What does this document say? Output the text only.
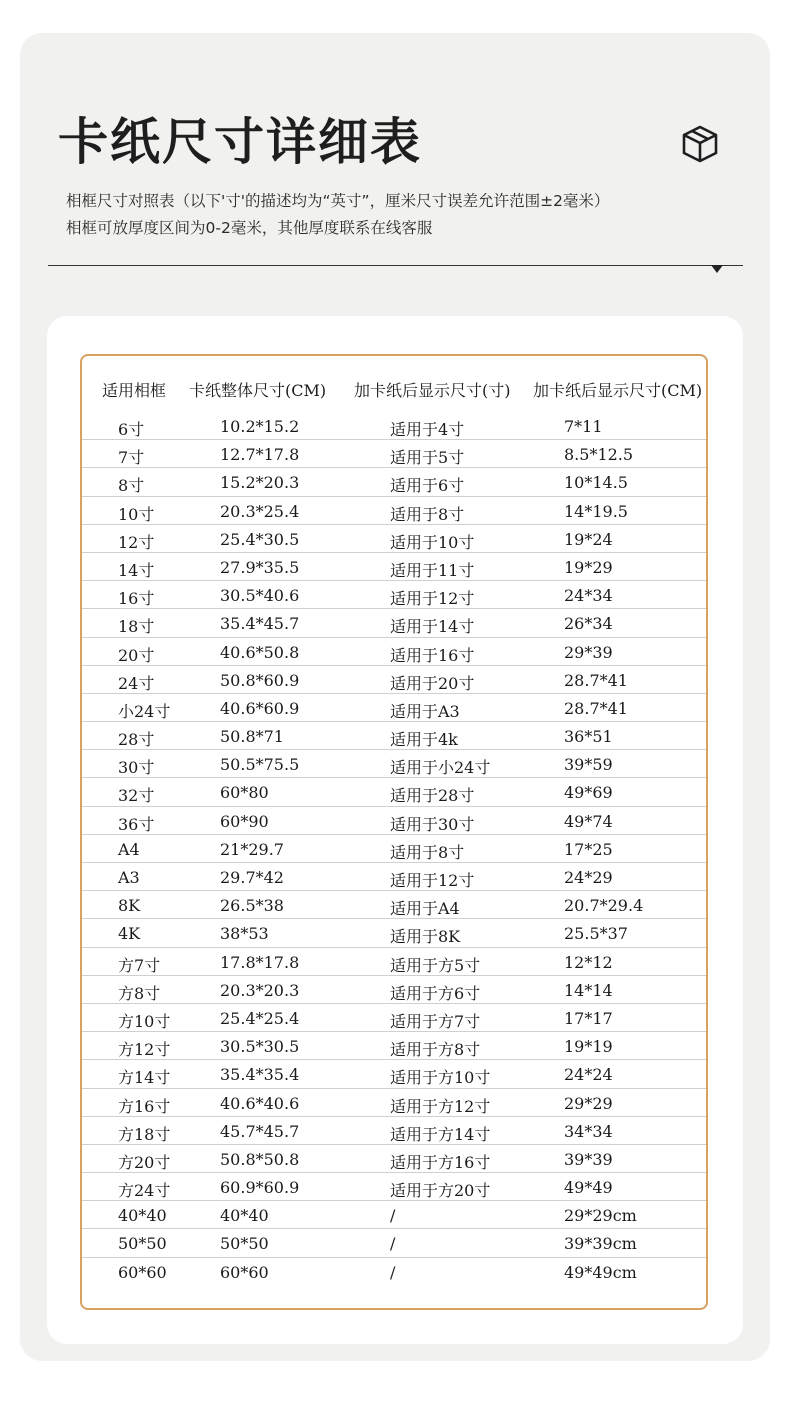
卡纸尺寸详细表
相框尺寸对照表（以下'寸'的描述均为“英寸”，厘米尺寸误差允许范围±2毫米）
相框可放厚度区间为0-2毫米，其他厚度联系在线客服
适用相框 卡纸整体尺寸(CM) 加卡纸后显示尺寸(寸) 加卡纸后显示尺寸(CM)
6寸	10.2*15.2	适用于4寸	7*11
7寸	12.7*17.8	适用于5寸	8.5*12.5
8寸	15.2*20.3	适用于6寸	10*14.5
10寸	20.3*25.4	适用于8寸	14*19.5
12寸	25.4*30.5	适用于10寸	19*24
14寸	27.9*35.5	适用于11寸	19*29
16寸	30.5*40.6	适用于12寸	24*34
18寸	35.4*45.7	适用于14寸	26*34
20寸	40.6*50.8	适用于16寸	29*39
24寸	50.8*60.9	适用于20寸	28.7*41
小24寸	40.6*60.9	适用于A3	28.7*41
28寸	50.8*71	适用于4k	36*51
30寸	50.5*75.5	适用于小24寸	39*59
32寸	60*80	适用于28寸	49*69
36寸	60*90	适用于30寸	49*74
A4	21*29.7	适用于8寸	17*25
A3	29.7*42	适用于12寸	24*29
8K	26.5*38	适用于A4	20.7*29.4
4K	38*53	适用于8K	25.5*37
方7寸	17.8*17.8	适用于方5寸	12*12
方8寸	20.3*20.3	适用于方6寸	14*14
方10寸	25.4*25.4	适用于方7寸	17*17
方12寸	30.5*30.5	适用于方8寸	19*19
方14寸	35.4*35.4	适用于方10寸	24*24
方16寸	40.6*40.6	适用于方12寸	29*29
方18寸	45.7*45.7	适用于方14寸	34*34
方20寸	50.8*50.8	适用于方16寸	39*39
方24寸	60.9*60.9	适用于方20寸	49*49
40*40	40*40	/	29*29cm
50*50	50*50	/	39*39cm
60*60	60*60	/	49*49cm
